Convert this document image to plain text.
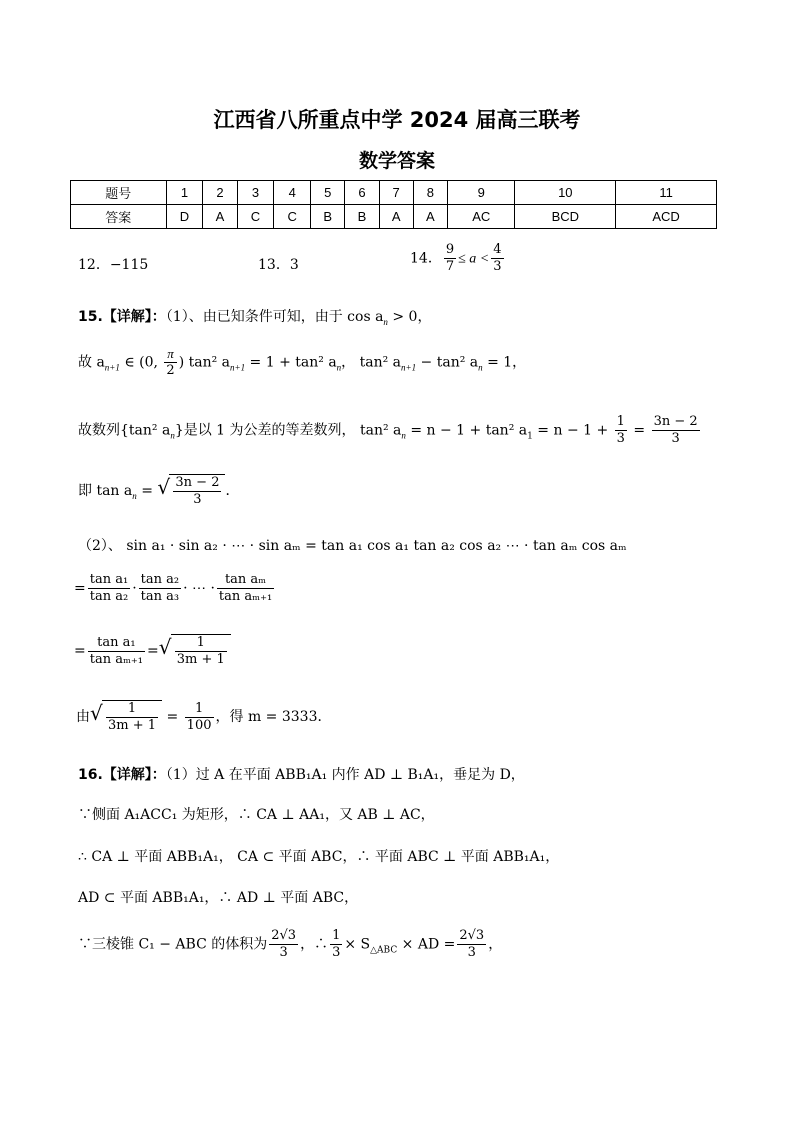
江西省八所重点中学 2024 届高三联考
数学答案
题号	1	2	3	4	5	6	7	8	9	10	11
答案	D	A	C	C	B	B	A	A	AC	BCD	ACD
12．−115	13．3	14． $\frac{9}{7} \le a < \frac{4}{3}$
15.【详解】：（1）、由已知条件可知，由于 $\cos a_n > 0$，
故 $a_{n+1}$ ∈ (0, $\frac{\pi}{2}$ ) tan² $a_{n+1} = 1 + \tan^2$ $a_n$， tan² $a_{n+1} - \tan^2$ $a_n = 1$，
故数列{tan² $a_n$}是以 1 为公差的等差数列， tan² $a_n = n - 1 + \tan^2$ $a_1 = n - 1 + \frac{1}{3} = \frac{3n - 2}{3}$
即 $\tan a_n$ = √ $\frac{3n - 2}{3}$ ．
（2）、 sin a₁ · sin a₂ · ⋯ · sin aₘ = tan a₁ cos a₁ tan a₂ cos a₂ ⋯ · tan aₘ cos aₘ
= $\frac{\text{tan a₁}}{\text{tan a₂}} \cdot \frac{\text{tan a₂}}{\text{tan a₃}}$ · ⋯ · $\frac{\text{tan aₘ}}{\text{tan aₘ₊₁}}$
= $\frac{\text{tan a₁}}{\text{tan aₘ₊₁}}$ = √ $\frac{1}{3m + 1}$
由 √ $\frac{1}{3m + 1} = \frac{1}{100}$ ，得 m = 3333．
16.【详解】：（1）过 A 在平面 ABB₁A₁ 内作 AD ⊥ B₁A₁，垂足为 D，
∵侧面 A₁ACC₁ 为矩形，∴ CA ⊥ AA₁，又 AB ⊥ AC，
∴ CA ⊥ 平面 ABB₁A₁， CA ⊂ 平面 ABC，∴ 平面 ABC ⊥ 平面 ABB₁A₁，
AD ⊂ 平面 ABB₁A₁，∴ AD ⊥ 平面 ABC，
∵三棱锥 C₁ − ABC 的体积为 $\frac{2√3}{3}$ ，∴ $\frac{1}{3} \times S_{\triangle ABC}$ × AD = $\frac{2√3}{3}$ ，
